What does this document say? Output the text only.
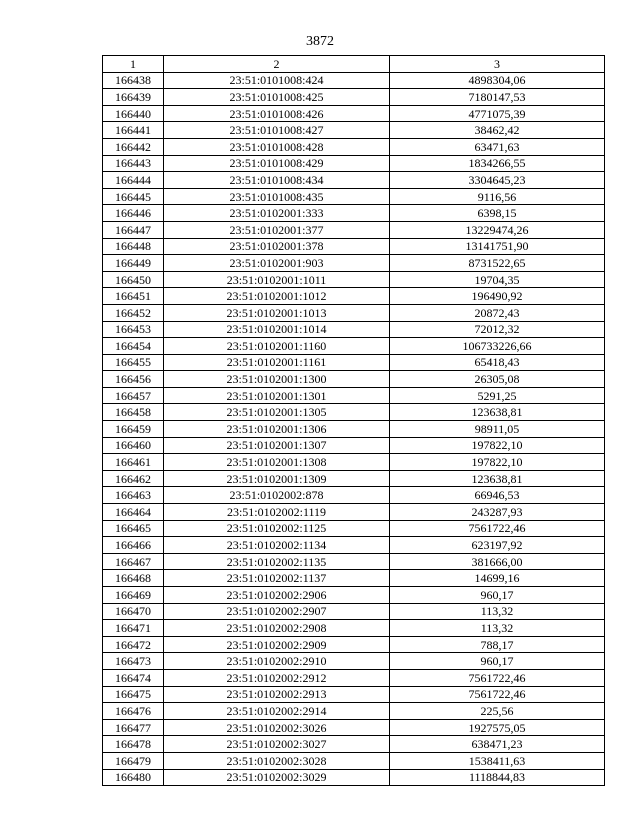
3872
1	2	3
166438	23:51:0101008:424	4898304,06
166439	23:51:0101008:425	7180147,53
166440	23:51:0101008:426	4771075,39
166441	23:51:0101008:427	38462,42
166442	23:51:0101008:428	63471,63
166443	23:51:0101008:429	1834266,55
166444	23:51:0101008:434	3304645,23
166445	23:51:0101008:435	9116,56
166446	23:51:0102001:333	6398,15
166447	23:51:0102001:377	13229474,26
166448	23:51:0102001:378	13141751,90
166449	23:51:0102001:903	8731522,65
166450	23:51:0102001:1011	19704,35
166451	23:51:0102001:1012	196490,92
166452	23:51:0102001:1013	20872,43
166453	23:51:0102001:1014	72012,32
166454	23:51:0102001:1160	106733226,66
166455	23:51:0102001:1161	65418,43
166456	23:51:0102001:1300	26305,08
166457	23:51:0102001:1301	5291,25
166458	23:51:0102001:1305	123638,81
166459	23:51:0102001:1306	98911,05
166460	23:51:0102001:1307	197822,10
166461	23:51:0102001:1308	197822,10
166462	23:51:0102001:1309	123638,81
166463	23:51:0102002:878	66946,53
166464	23:51:0102002:1119	243287,93
166465	23:51:0102002:1125	7561722,46
166466	23:51:0102002:1134	623197,92
166467	23:51:0102002:1135	381666,00
166468	23:51:0102002:1137	14699,16
166469	23:51:0102002:2906	960,17
166470	23:51:0102002:2907	113,32
166471	23:51:0102002:2908	113,32
166472	23:51:0102002:2909	788,17
166473	23:51:0102002:2910	960,17
166474	23:51:0102002:2912	7561722,46
166475	23:51:0102002:2913	7561722,46
166476	23:51:0102002:2914	225,56
166477	23:51:0102002:3026	1927575,05
166478	23:51:0102002:3027	638471,23
166479	23:51:0102002:3028	1538411,63
166480	23:51:0102002:3029	1118844,83
